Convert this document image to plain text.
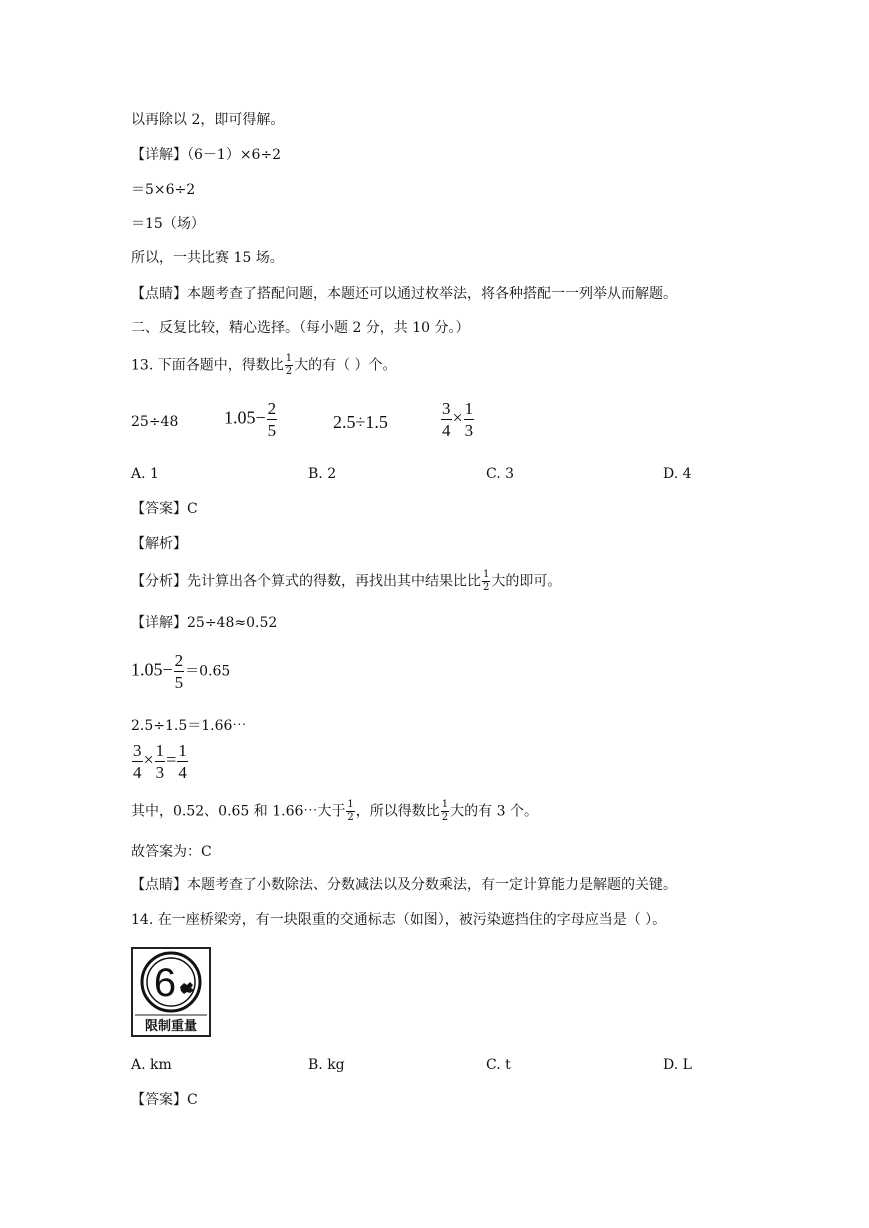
以再除以 2，即可得解。
【详解】（6－1）×6÷2
＝5×6÷2
＝15（场）
所以，一共比赛 15 场。
【点睛】本题考查了搭配问题，本题还可以通过枚举法，将各种搭配一一列举从而解题。
二、反复比较，精心选择。（每小题 2 分，共 10 分。）
13. 下面各题中，得数比 $\frac{1}{2}$ 大的有（ ）个。
25÷48	$1.05- \frac{2}{5}$	2.5÷1.5	$\frac{3}{4} \times \frac{1}{3}$
A. 1	B. 2	C. 3	D. 4
【答案】C
【解析】
【分析】先计算出各个算式的得数，再找出其中结果比比 $\frac{1}{2}$ 大的即可。
【详解】25÷48≈0.52
$1.05- \frac{2}{5} =0.65$
2.5÷1.5＝1.66⋯
$\frac{3}{4} \times \frac{1}{3} = \frac{1}{4}$
其中，0.52、0.65 和 1.66⋯大于 $\frac{1}{2}$ ，所以得数比 $\frac{1}{2}$ 大的有 3 个。
故答案为：C
【点睛】本题考查了小数除法、分数减法以及分数乘法，有一定计算能力是解题的关键。
14. 在一座桥梁旁，有一块限重的交通标志（如图），被污染遮挡住的字母应当是（ ）。
6
限制重量
A. km	B. kg	C. t	D. L
【答案】C
